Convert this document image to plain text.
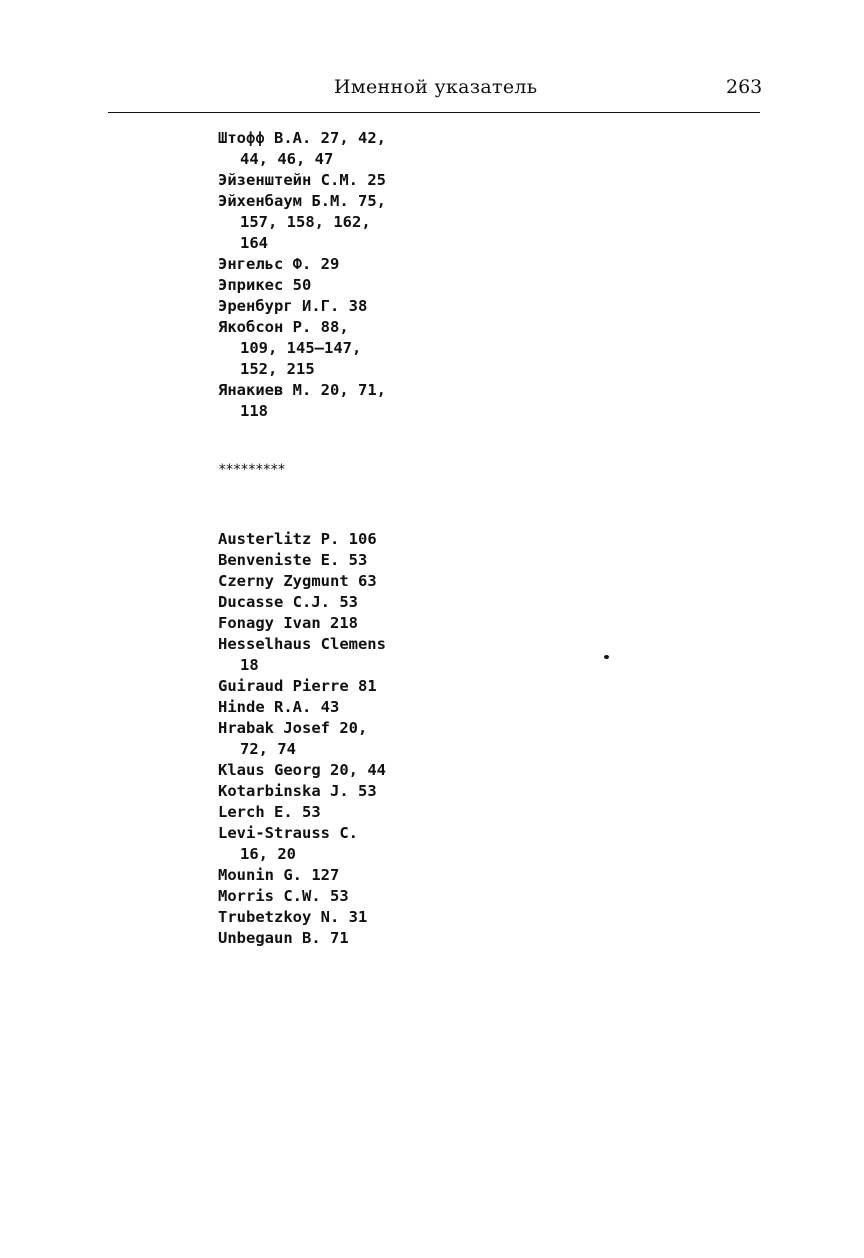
Именной указатель	263
Штофф В.А. 27, 42,
44, 46, 47
Эйзенштейн С.М. 25
Эйхенбаум Б.М. 75,
157, 158, 162,
164
Энгельс Ф. 29
Эприкес 50
Эренбург И.Г. 38
Якобсон Р. 88,
109, 145–147,
152, 215
Янакиев М. 20, 71,
118
*********
Austerlitz P. 106
Benveniste E. 53
Czerny Zygmunt 63
Ducasse C.J. 53
Fonagy Ivan 218
Hesselhaus Clemens
18
Guiraud Pierre 81
Hinde R.A. 43
Hrabak Josef 20,
72, 74
Klaus Georg 20, 44
Kotarbinska J. 53
Lerch E. 53
Levi-Strauss C.
16, 20
Mounin G. 127
Morris C.W. 53
Trubetzkoy N. 31
Unbegaun B. 71
